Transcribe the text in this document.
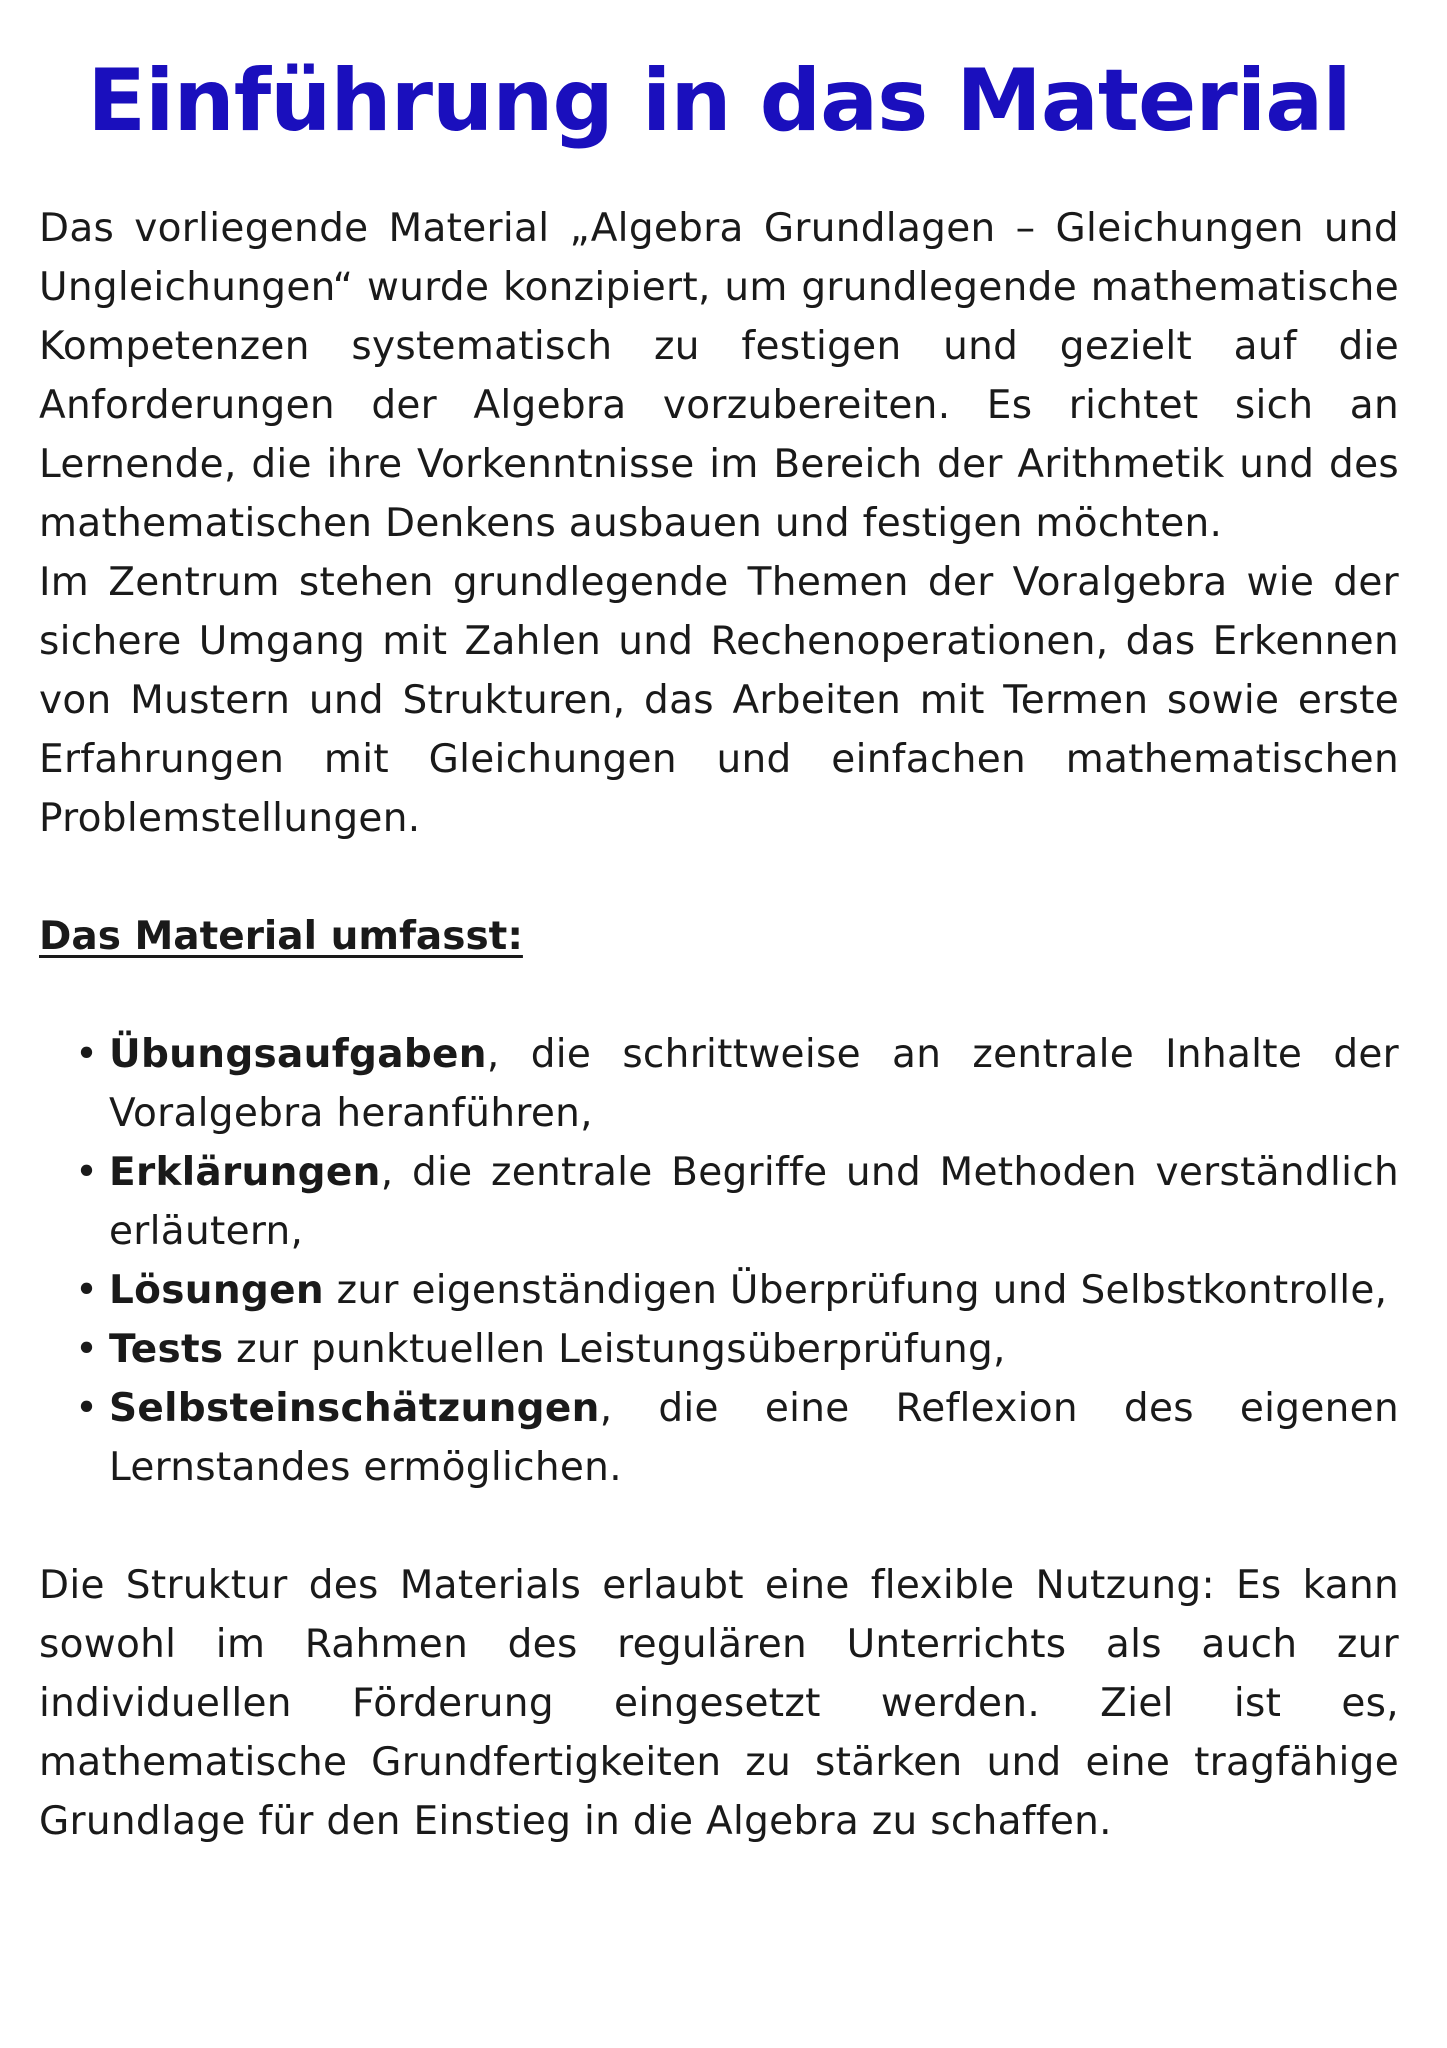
Einführung in das Material

Das vorliegende Material „Algebra Grundlagen – Gleichungen und Ungleichungen“ wurde konzipiert, um grundlegende mathematische Kompetenzen systematisch zu festigen und gezielt auf die Anforderungen der Algebra vorzubereiten. Es richtet sich an Lernende, die ihre Vorkenntnisse im Bereich der Arithmetik und des mathematischen Denkens ausbauen und festigen möchten.

Im Zentrum stehen grundlegende Themen der Voralgebra wie der sichere Umgang mit Zahlen und Rechenoperationen, das Erkennen von Mustern und Strukturen, das Arbeiten mit Termen sowie erste Erfahrungen mit Gleichungen und einfachen mathematischen Problemstellungen.

Das Material umfasst:
• Übungsaufgaben, die schrittweise an zentrale Inhalte der Voralgebra heranführen,
• Erklärungen, die zentrale Begriffe und Methoden verständlich erläutern,
• Lösungen zur eigenständigen Überprüfung und Selbstkontrolle,
• Tests zur punktuellen Leistungsüberprüfung,
• Selbsteinschätzungen, die eine Reflexion des eigenen Lernstandes ermöglichen.

Die Struktur des Materials erlaubt eine flexible Nutzung: Es kann sowohl im Rahmen des regulären Unterrichts als auch zur individuellen Förderung eingesetzt werden. Ziel ist es, mathematische Grundfertigkeiten zu stärken und eine tragfähige Grundlage für den Einstieg in die Algebra zu schaffen.
